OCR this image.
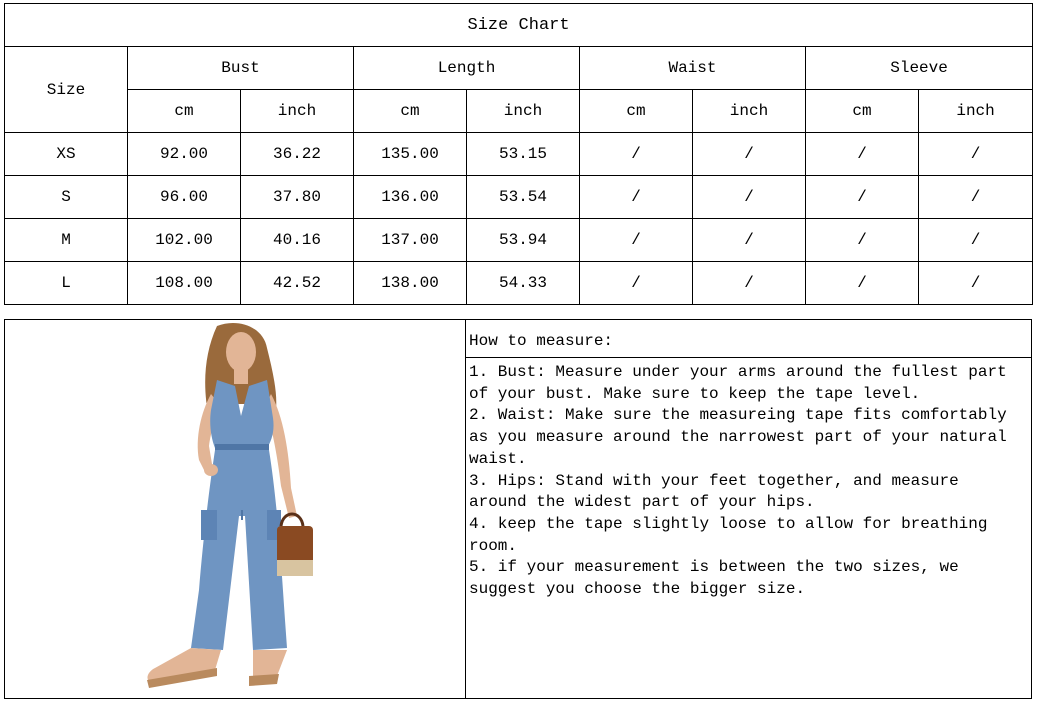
Size Chart								
Size	Bust		Length		Waist		Sleeve	
	cm	inch	cm	inch	cm	inch	cm	inch
XS	92.00	36.22	135.00	53.15	/	/	/	/
S	96.00	37.80	136.00	53.54	/	/	/	/
M	102.00	40.16	137.00	53.94	/	/	/	/
L	108.00	42.52	138.00	54.33	/	/	/	/
How to measure:
1. Bust: Measure under your arms around the fullest part of your bust. Make sure to keep the tape level.
2. Waist: Make sure the measureing tape fits comfortably as you measure around the narrowest part of your natural waist.
3. Hips: Stand with your feet together, and measure around the widest part of your hips.
4. keep the tape slightly loose to allow for breathing room.
5. if your measurement is between the two sizes, we suggest you choose the bigger size.
